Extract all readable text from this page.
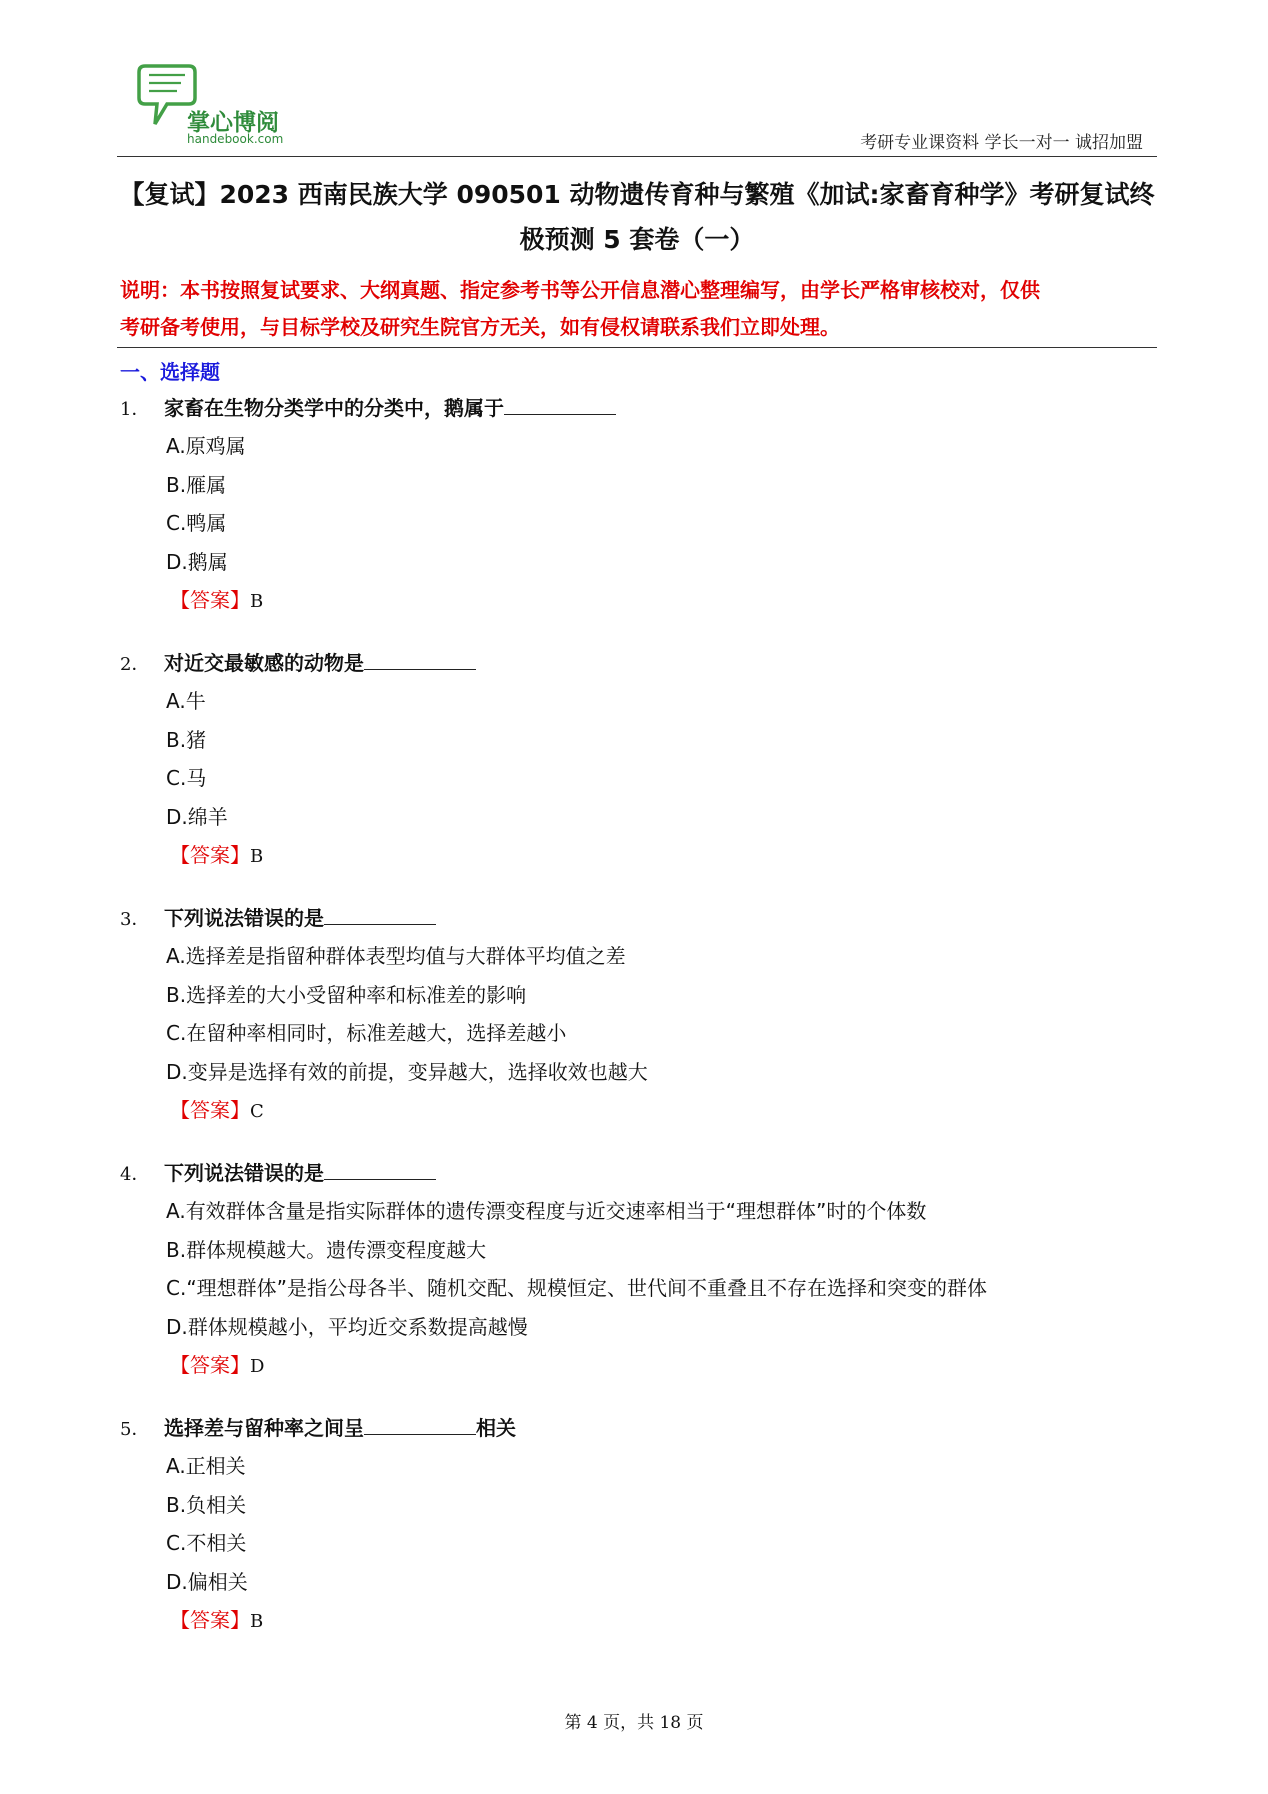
掌心博阅
handebook.com	考研专业课资料 学长一对一 诚招加盟
【复试】2023 西南民族大学 090501 动物遗传育种与繁殖《加试:家畜育种学》考研复试终
极预测 5 套卷（一）
说明：本书按照复试要求、大纲真题、指定参考书等公开信息潜心整理编写，由学长严格审核校对，仅供
考研备考使用，与目标学校及研究生院官方无关，如有侵权请联系我们立即处理。
一、选择题
1． 家畜在生物分类学中的分类中，鹅属于
A.原鸡属
B.雁属
C.鸭属
D.鹅属
【答案】B
2． 对近交最敏感的动物是
A.牛
B.猪
C.马
D.绵羊
【答案】B
3． 下列说法错误的是
A.选择差是指留种群体表型均值与大群体平均值之差
B.选择差的大小受留种率和标准差的影响
C.在留种率相同时，标准差越大，选择差越小
D.变异是选择有效的前提，变异越大，选择收效也越大
【答案】C
4． 下列说法错误的是
A.有效群体含量是指实际群体的遗传漂变程度与近交速率相当于“理想群体”时的个体数
B.群体规模越大。遗传漂变程度越大
C.“理想群体”是指公母各半、随机交配、规模恒定、世代间不重叠且不存在选择和突变的群体
D.群体规模越小，平均近交系数提高越慢
【答案】D
5． 选择差与留种率之间呈	相关
A.正相关
B.负相关
C.不相关
D.偏相关
【答案】B
第 4 页，共 18 页
